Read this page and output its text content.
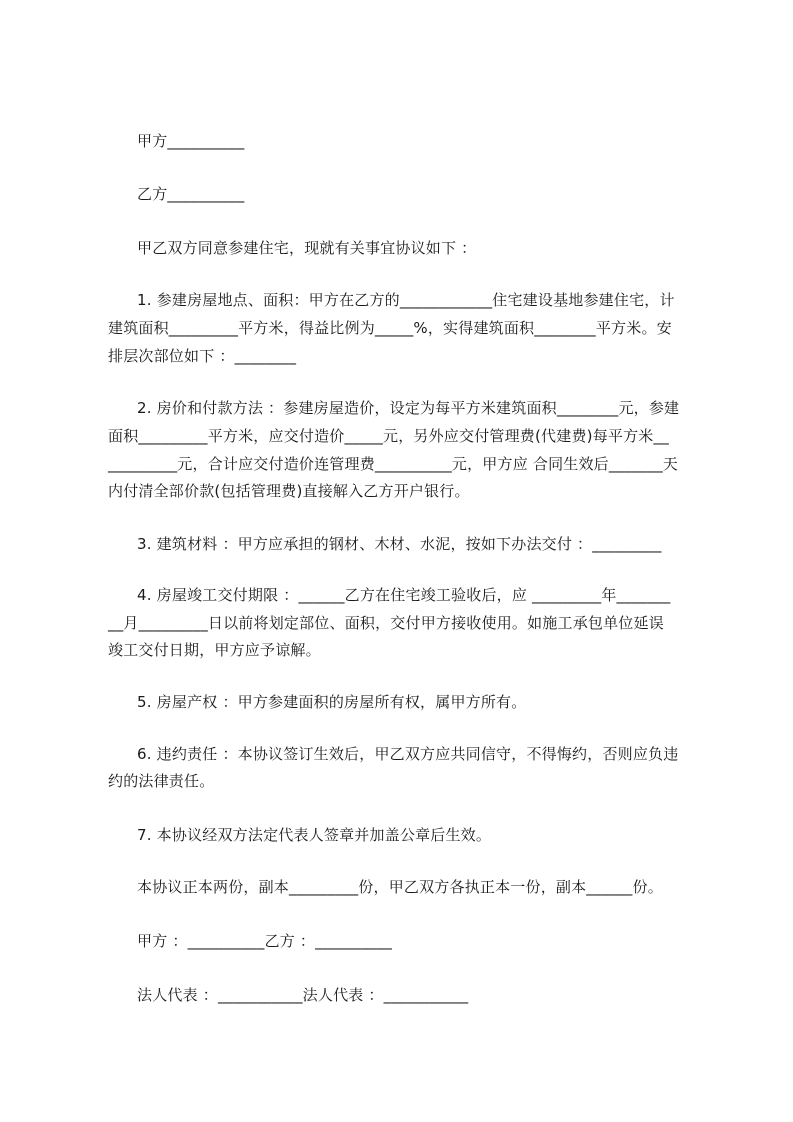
甲方__________
乙方__________
甲乙双方同意参建住宅，现就有关事宜协议如下 ：
1. 参建房屋地点、面积：甲方在乙方的____________住宅建设基地参建住宅，计
建筑面积_________平方米，得益比例为_____%，实得建筑面积________平方米。安
排层次部位如下 ：________
2. 房价和付款方法 ：参建房屋造价，设定为每平方米建筑面积________元，参建
面积_________平方米，应交付造价_____元，另外应交付管理费(代建费)每平方米__
_________元，合计应交付造价连管理费__________元，甲方应 合同生效后_______天
内付清全部价款(包括管理费)直接解入乙方开户银行。
3. 建筑材料 ：甲方应承担的钢材、木材、水泥，按如下办法交付 ：_________
4. 房屋竣工交付期限 ：______乙方在住宅竣工验收后，应 _________年_______
__月_________日以前将划定部位、面积，交付甲方接收使用。如施工承包单位延误
竣工交付日期，甲方应予谅解。
5. 房屋产权 ：甲方参建面积的房屋所有权，属甲方所有。
6. 违约责任 ：本协议签订生效后，甲乙双方应共同信守，不得悔约，否则应负违
约的法律责任。
7. 本协议经双方法定代表人签章并加盖公章后生效。
本协议正本两份，副本_________份，甲乙双方各执正本一份，副本______份。
甲方 ：__________乙方 ：__________
法人代表 ：___________法人代表 ：___________
